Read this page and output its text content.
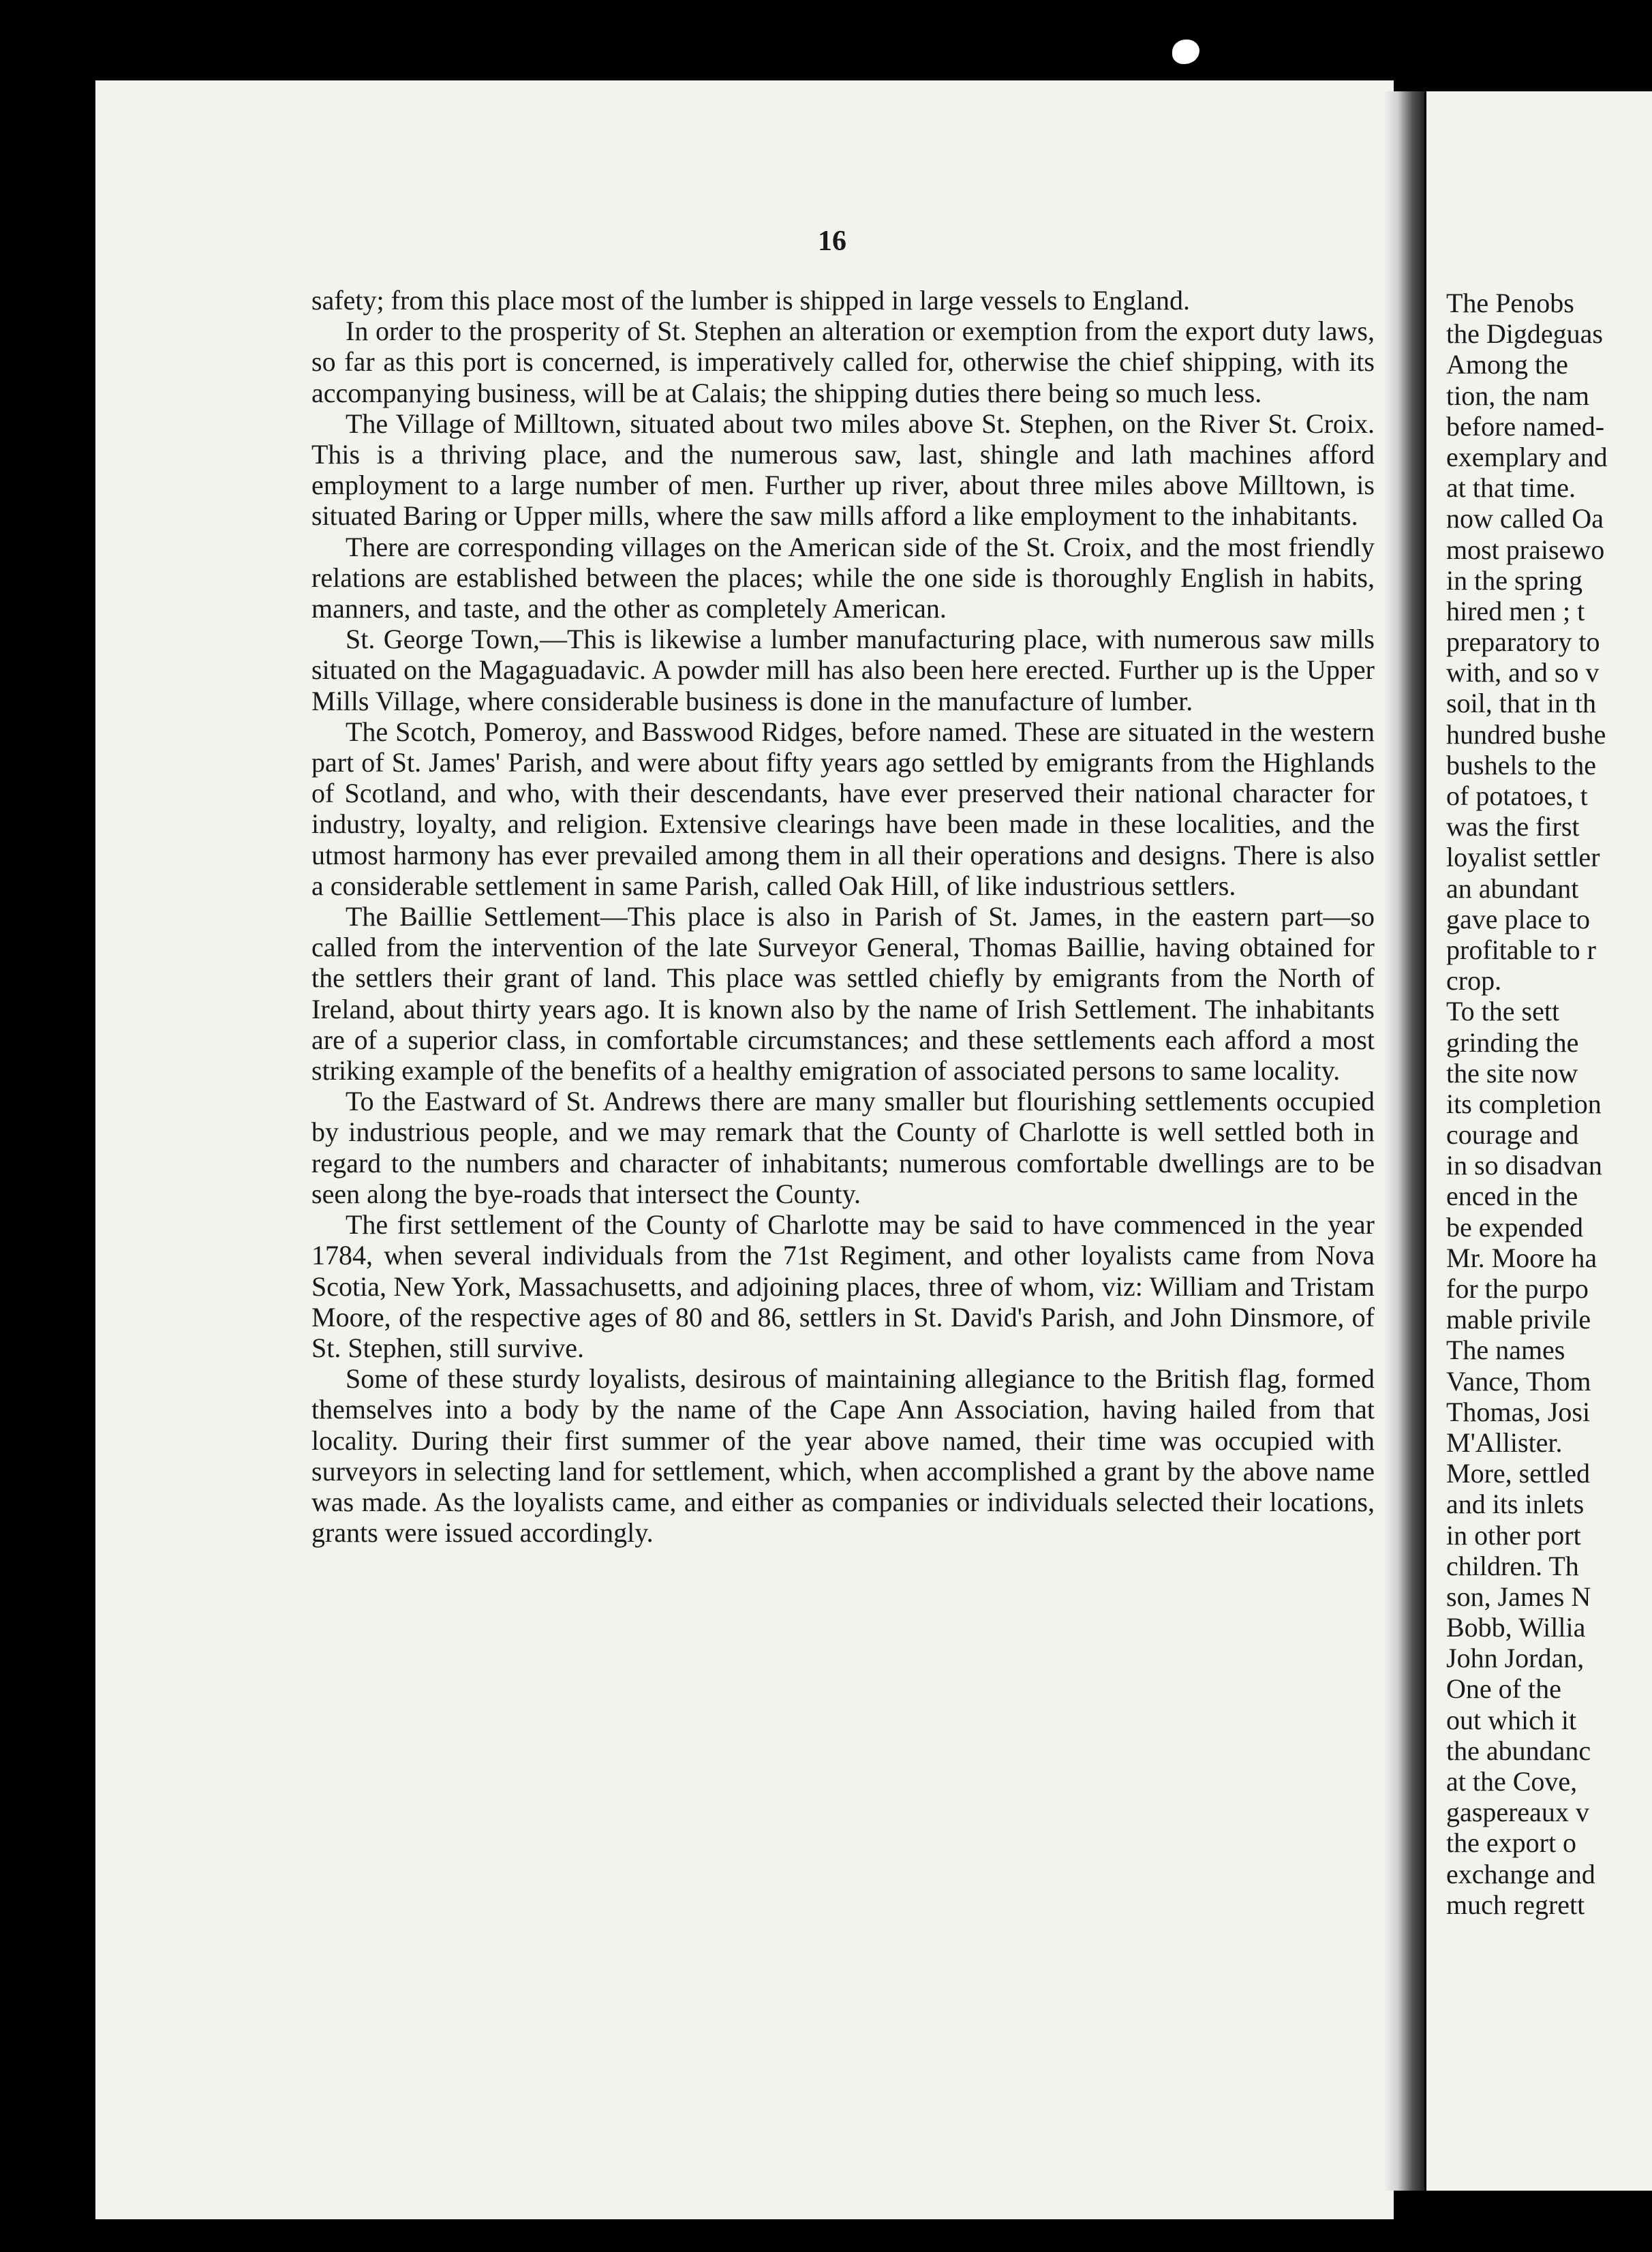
16

safety; from this place most of the lumber is shipped in large vessels to England.

In order to the prosperity of St. Stephen an alteration or exemption from the export duty laws, so far as this port is concerned, is imperatively called for, otherwise the chief shipping, with its accompanying business, will be at Calais; the shipping duties there being so much less.

The Village of Milltown, situated about two miles above St. Stephen, on the River St. Croix. This is a thriving place, and the numerous saw, last, shingle and lath machines afford employment to a large number of men. Further up river, about three miles above Milltown, is situated Baring or Upper mills, where the saw mills afford a like employment to the inhabitants.

There are corresponding villages on the American side of the St. Croix, and the most friendly relations are established between the places; while the one side is thoroughly English in habits, manners, and taste, and the other as completely American.

St. George Town,—This is likewise a lumber manufacturing place, with numerous saw mills situated on the Magaguadavic. A powder mill has also been here erected. Further up is the Upper Mills Village, where considerable business is done in the manufacture of lumber.

The Scotch, Pomeroy, and Basswood Ridges, before named. These are situated in the western part of St. James' Parish, and were about fifty years ago settled by emigrants from the Highlands of Scotland, and who, with their descendants, have ever preserved their national character for industry, loyalty, and religion. Extensive clearings have been made in these localities, and the utmost harmony has ever prevailed among them in all their operations and designs. There is also a considerable settlement in same Parish, called Oak Hill, of like industrious settlers.

The Baillie Settlement—This place is also in Parish of St. James, in the eastern part—so called from the intervention of the late Surveyor General, Thomas Baillie, having obtained for the settlers their grant of land. This place was settled chiefly by emigrants from the North of Ireland, about thirty years ago. It is known also by the name of Irish Settlement. The inhabitants are of a superior class, in comfortable circumstances; and these settlements each afford a most striking example of the benefits of a healthy emigration of associated persons to same locality.

To the Eastward of St. Andrews there are many smaller but flourishing settlements occupied by industrious people, and we may remark that the County of Charlotte is well settled both in regard to the numbers and character of inhabitants; numerous comfortable dwellings are to be seen along the bye-roads that intersect the County.

The first settlement of the County of Charlotte may be said to have commenced in the year 1784, when several individuals from the 71st Regiment, and other loyalists came from Nova Scotia, New York, Massachusetts, and adjoining places, three of whom, viz: William and Tristam Moore, of the respective ages of 80 and 86, settlers in St. David's Parish, and John Dinsmore, of St. Stephen, still survive.

Some of these sturdy loyalists, desirous of maintaining allegiance to the British flag, formed themselves into a body by the name of the Cape Ann Association, having hailed from that locality. During their first summer of the year above named, their time was occupied with surveyors in selecting land for settlement, which, when accomplished a grant by the above name was made. As the loyalists came, and either as companies or individuals selected their locations, grants were issued accordingly.

The Penobs
the Digdeguas
Among the
tion, the nam
before named-
exemplary and
at that time.
now called Oa
most praisewo
in the spring
hired men ; t
preparatory to
with, and so v
soil, that in th
hundred bushe
bushels to the
of potatoes, t
was the first
loyalist settler
an abundant
gave place to
profitable to r
crop.
To the sett
grinding the
the site now
its completion
courage and
in so disadvan
enced in the
be expended
Mr. Moore ha
for the purpo
mable privile
The names
Vance, Thom
Thomas, Josi
M'Allister.
More, settled
and its inlets
in other port
children. Th
son, James N
Bobb, Willia
John Jordan,
One of the
out which it
the abundanc
at the Cove,
gaspereaux v
the export o
exchange and
much regrett
